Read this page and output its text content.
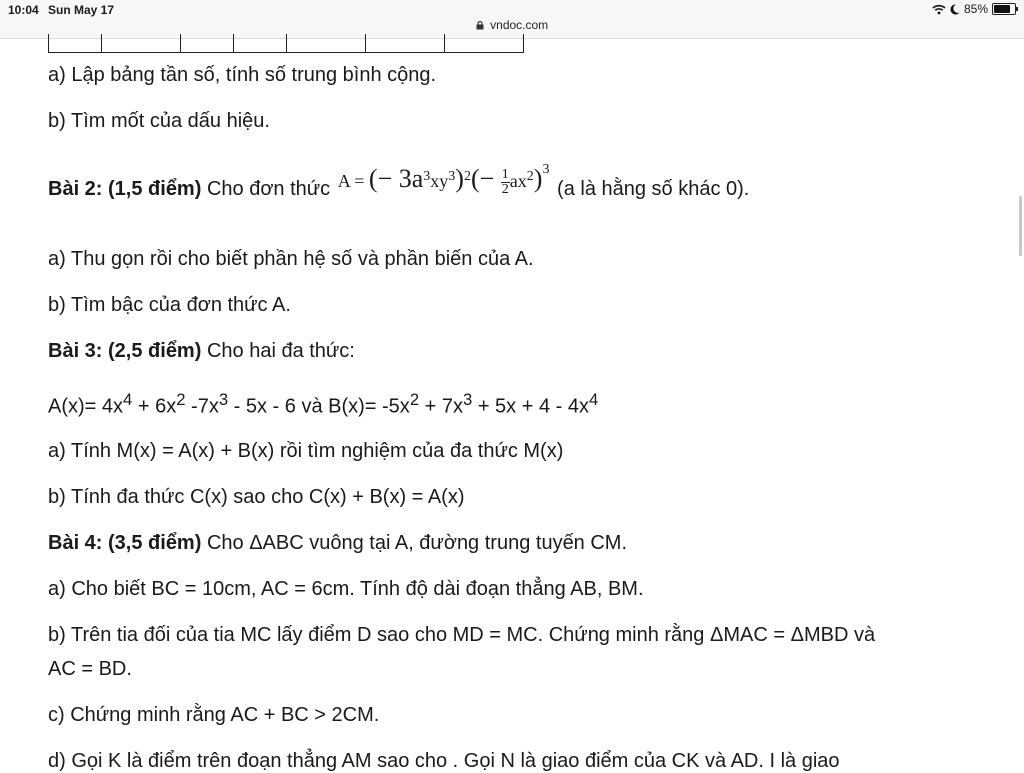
10:04 Sun May 17
vndoc.com
85%

a) Lập bảng tần số, tính số trung bình cộng.
b) Tìm mốt của dấu hiệu.
Bài 2: (1,5 điểm) Cho đơn thức A = (− $3a^3xy^3)^2(- \frac{1}{2} ax^2)^3$ (a là hằng số khác 0).
a) Thu gọn rồi cho biết phần hệ số và phần biến của A.
b) Tìm bậc của đơn thức A.
Bài 3: (2,5 điểm) Cho hai đa thức:
$A(x)= 4x^4 + 6x^2$ $-7x^3 - 5x - 6$ và $B(x)= -5x^2 + 7x^3 + 5x + 4 - 4x^4$
a) Tính M(x) = A(x) + B(x) rồi tìm nghiệm của đa thức M(x)
b) Tính đa thức C(x) sao cho C(x) + B(x) = A(x)
Bài 4: (3,5 điểm) Cho ΔABC vuông tại A, đường trung tuyến CM.
a) Cho biết BC = 10cm, AC = 6cm. Tính độ dài đoạn thẳng AB, BM.
b) Trên tia đối của tia MC lấy điểm D sao cho MD = MC. Chứng minh rằng ΔMAC = ΔMBD và
AC = BD.
c) Chứng minh rằng AC + BC > 2CM.
d) Gọi K là điểm trên đoạn thẳng AM sao cho . Gọi N là giao điểm của CK và AD. I là giao
